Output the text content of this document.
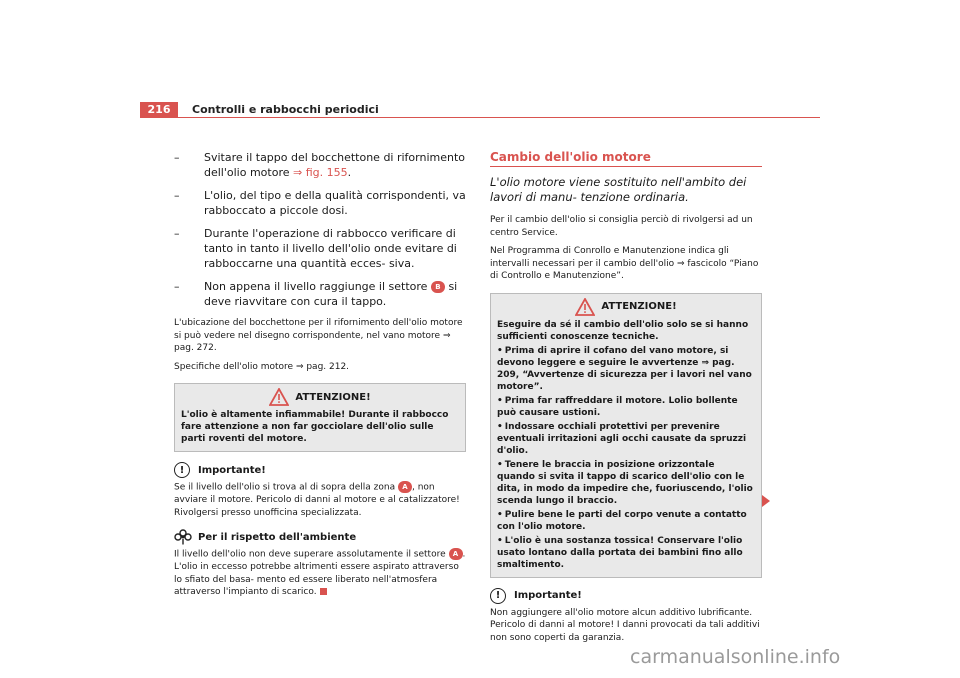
216	Controlli e rabbocchi periodici
– Svitare il tappo del bocchettone di rifornimento dell'olio motore ⇒ fig. 155.
– L'olio, del tipo e della qualità corrispondenti, va rabboccato a piccole dosi.
– Durante l'operazione di rabbocco verificare di tanto in tanto il livello dell'olio onde evitare di rabboccarne una quantità ecces- siva.
– Non appena il livello raggiunge il settore B si deve riavvitare con cura il tappo.
L'ubicazione del bocchettone per il rifornimento dell'olio motore si può vedere nel disegno corrispondente, nel vano motore ⇒ pag. 272.
Specifiche dell'olio motore ⇒ pag. 212.
ATTENZIONE!
L'olio è altamente infiammabile! Durante il rabbocco fare attenzione a non far gocciolare dell'olio sulle parti roventi del motore.
!	Importante!
Se il livello dell'olio si trova al di sopra della zona A , non avviare il motore. Pericolo di danni al motore e al catalizzatore! Rivolgersi presso unofficina specializzata.
Per il rispetto dell'ambiente
Il livello dell'olio non deve superare assolutamente il settore A . L'olio in eccesso potrebbe altrimenti essere aspirato attraverso lo sfiato del basa- mento ed essere liberato nell'atmosfera attraverso l'impianto di scarico.
Cambio dell'olio motore
L'olio motore viene sostituito nell'ambito dei lavori di manu- tenzione ordinaria.
Per il cambio dell'olio si consiglia perciò di rivolgersi ad un centro Service.
Nel Programma di Conrollo e Manutenzione indica gli intervalli necessari per il cambio dell'olio ⇒ fascicolo “Piano di Controllo e Manutenzione”.
ATTENZIONE!
Eseguire da sé il cambio dell'olio solo se si hanno sufficienti conoscenze tecniche.
• Prima di aprire il cofano del vano motore, si devono leggere e seguire le avvertenze ⇒ pag. 209, “Avvertenze di sicurezza per i lavori nel vano motore”.
• Prima far raffreddare il motore. Lolio bollente può causare ustioni.
• Indossare occhiali protettivi per prevenire eventuali irritazioni agli occhi causate da spruzzi d'olio.
• Tenere le braccia in posizione orizzontale quando si svita il tappo di scarico dell'olio con le dita, in modo da impedire che, fuoriuscendo, l'olio scenda lungo il braccio.
• Pulire bene le parti del corpo venute a contatto con l'olio motore.
• L'olio è una sostanza tossica! Conservare l'olio usato lontano dalla portata dei bambini fino allo smaltimento.
!	Importante!
Non aggiungere all'olio motore alcun additivo lubrificante. Pericolo di danni al motore! I danni provocati da tali additivi non sono coperti da garanzia.
carmanualsonline.info
